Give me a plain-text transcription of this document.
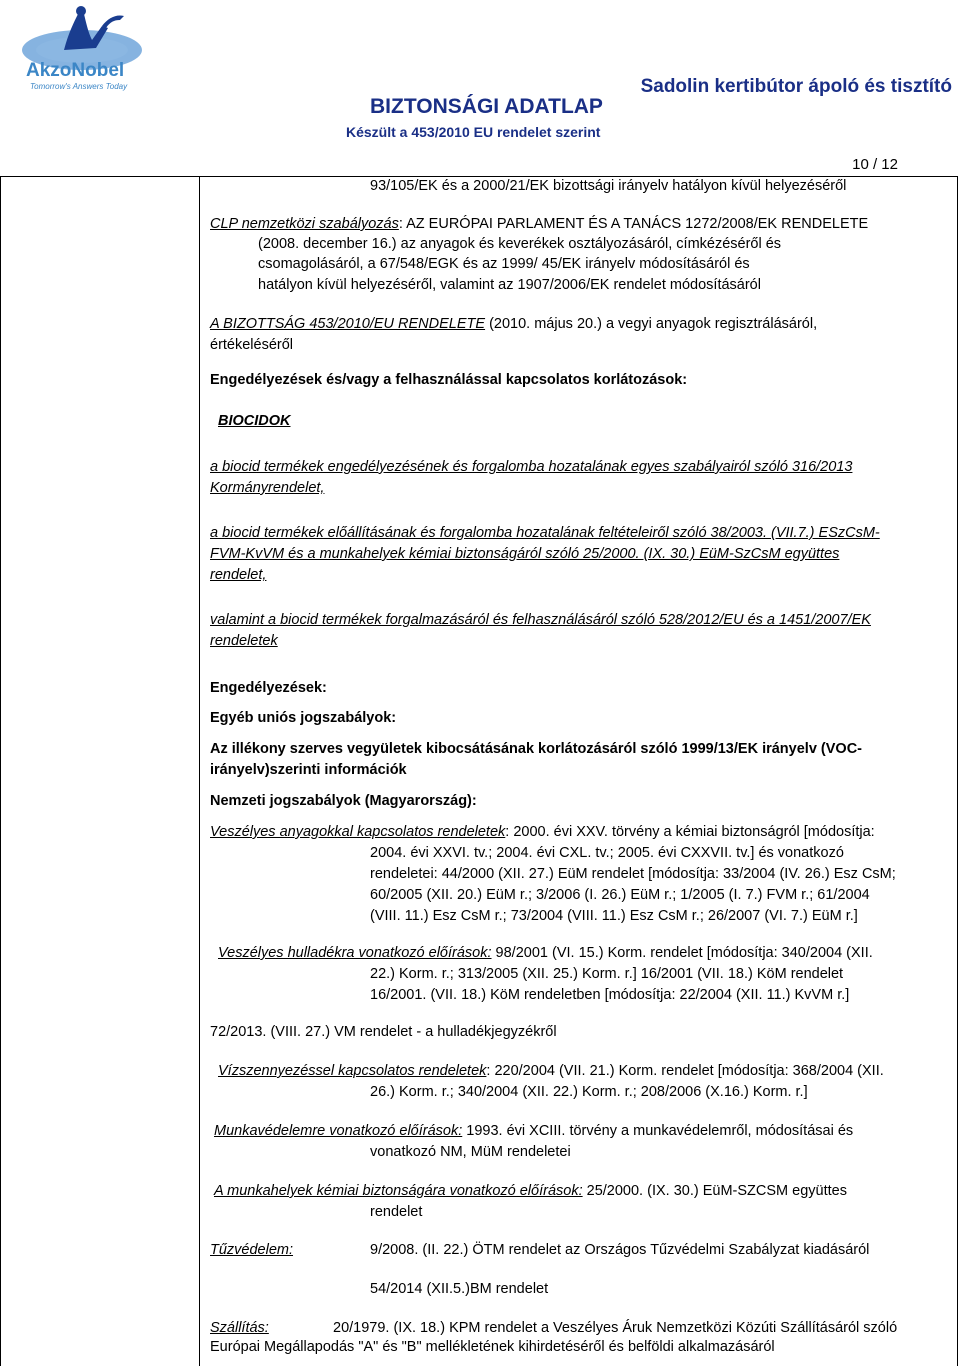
AkzoNobel
Tomorrow's Answers Today	Sadolin kertibútor ápoló és tisztító
BIZTONSÁGI ADATLAP
Készült a 453/2010 EU rendelet szerint
10 / 12
93/105/EK és a 2000/21/EK bizottsági irányelv hatályon kívül helyezéséről
CLP nemzetközi szabályozás: AZ EURÓPAI PARLAMENT ÉS A TANÁCS 1272/2008/EK RENDELETE
(2008. december 16.) az anyagok és keverékek osztályozásáról, címkézéséről és
csomagolásáról, a 67/548/EGK és az 1999/ 45/EK irányelv módosításáról és
hatályon kívül helyezéséről, valamint az 1907/2006/EK rendelet módosításáról
A BIZOTTSÁG 453/2010/EU RENDELETE (2010. május 20.) a vegyi anyagok regisztrálásáról,
értékeléséről
Engedélyezések és/vagy a felhasználással kapcsolatos korlátozások:
BIOCIDOK
a biocid termékek engedélyezésének és forgalomba hozatalának egyes szabályairól szóló 316/2013
Kormányrendelet,
a biocid termékek előállításának és forgalomba hozatalának feltételeiről szóló 38/2003. (VII.7.) ESzCsM-
FVM-KvVM és a munkahelyek kémiai biztonságáról szóló 25/2000. (IX. 30.) EüM-SzCsM együttes
rendelet,
valamint a biocid termékek forgalmazásáról és felhasználásáról szóló 528/2012/EU és a 1451/2007/EK
rendeletek
Engedélyezések:
Egyéb uniós jogszabályok:
Az illékony szerves vegyületek kibocsátásának korlátozásáról szóló 1999/13/EK irányelv (VOC-
irányelv)szerinti információk
Nemzeti jogszabályok (Magyarország):
Veszélyes anyagokkal kapcsolatos rendeletek: 2000. évi XXV. törvény a kémiai biztonságról [módosítja:
2004. évi XXVI. tv.; 2004. évi CXL. tv.; 2005. évi CXXVII. tv.] és vonatkozó
rendeletei: 44/2000 (XII. 27.) EüM rendelet [módosítja: 33/2004 (IV. 26.) Esz CsM;
60/2005 (XII. 20.) EüM r.; 3/2006 (I. 26.) EüM r.; 1/2005 (I. 7.) FVM r.; 61/2004
(VIII. 11.) Esz CsM r.; 73/2004 (VIII. 11.) Esz CsM r.; 26/2007 (VI. 7.) EüM r.]
Veszélyes hulladékra vonatkozó előírások: 98/2001 (VI. 15.) Korm. rendelet [módosítja: 340/2004 (XII.
22.) Korm. r.; 313/2005 (XII. 25.) Korm. r.] 16/2001 (VII. 18.) KöM rendelet
16/2001. (VII. 18.) KöM rendeletben [módosítja: 22/2004 (XII. 11.) KvVM r.]
72/2013. (VIII. 27.) VM rendelet - a hulladékjegyzékről
Vízszennyezéssel kapcsolatos rendeletek: 220/2004 (VII. 21.) Korm. rendelet [módosítja: 368/2004 (XII.
26.) Korm. r.; 340/2004 (XII. 22.) Korm. r.; 208/2006 (X.16.) Korm. r.]
Munkavédelemre vonatkozó előírások: 1993. évi XCIII. törvény a munkavédelemről, módosításai és
vonatkozó NM, MüM rendeletei
A munkahelyek kémiai biztonságára vonatkozó előírások: 25/2000. (IX. 30.) EüM-SZCSM együttes
rendelet
Tűzvédelem:	9/2008. (II. 22.) ÖTM rendelet az Országos Tűzvédelmi Szabályzat kiadásáról
54/2014 (XII.5.)BM rendelet
Szállítás:	20/1979. (IX. 18.) KPM rendelet a Veszélyes Áruk Nemzetközi Közúti Szállításáról szóló
Európai Megállapodás "A" és "B" mellékletének kihirdetéséről és belföldi alkalmazásáról
